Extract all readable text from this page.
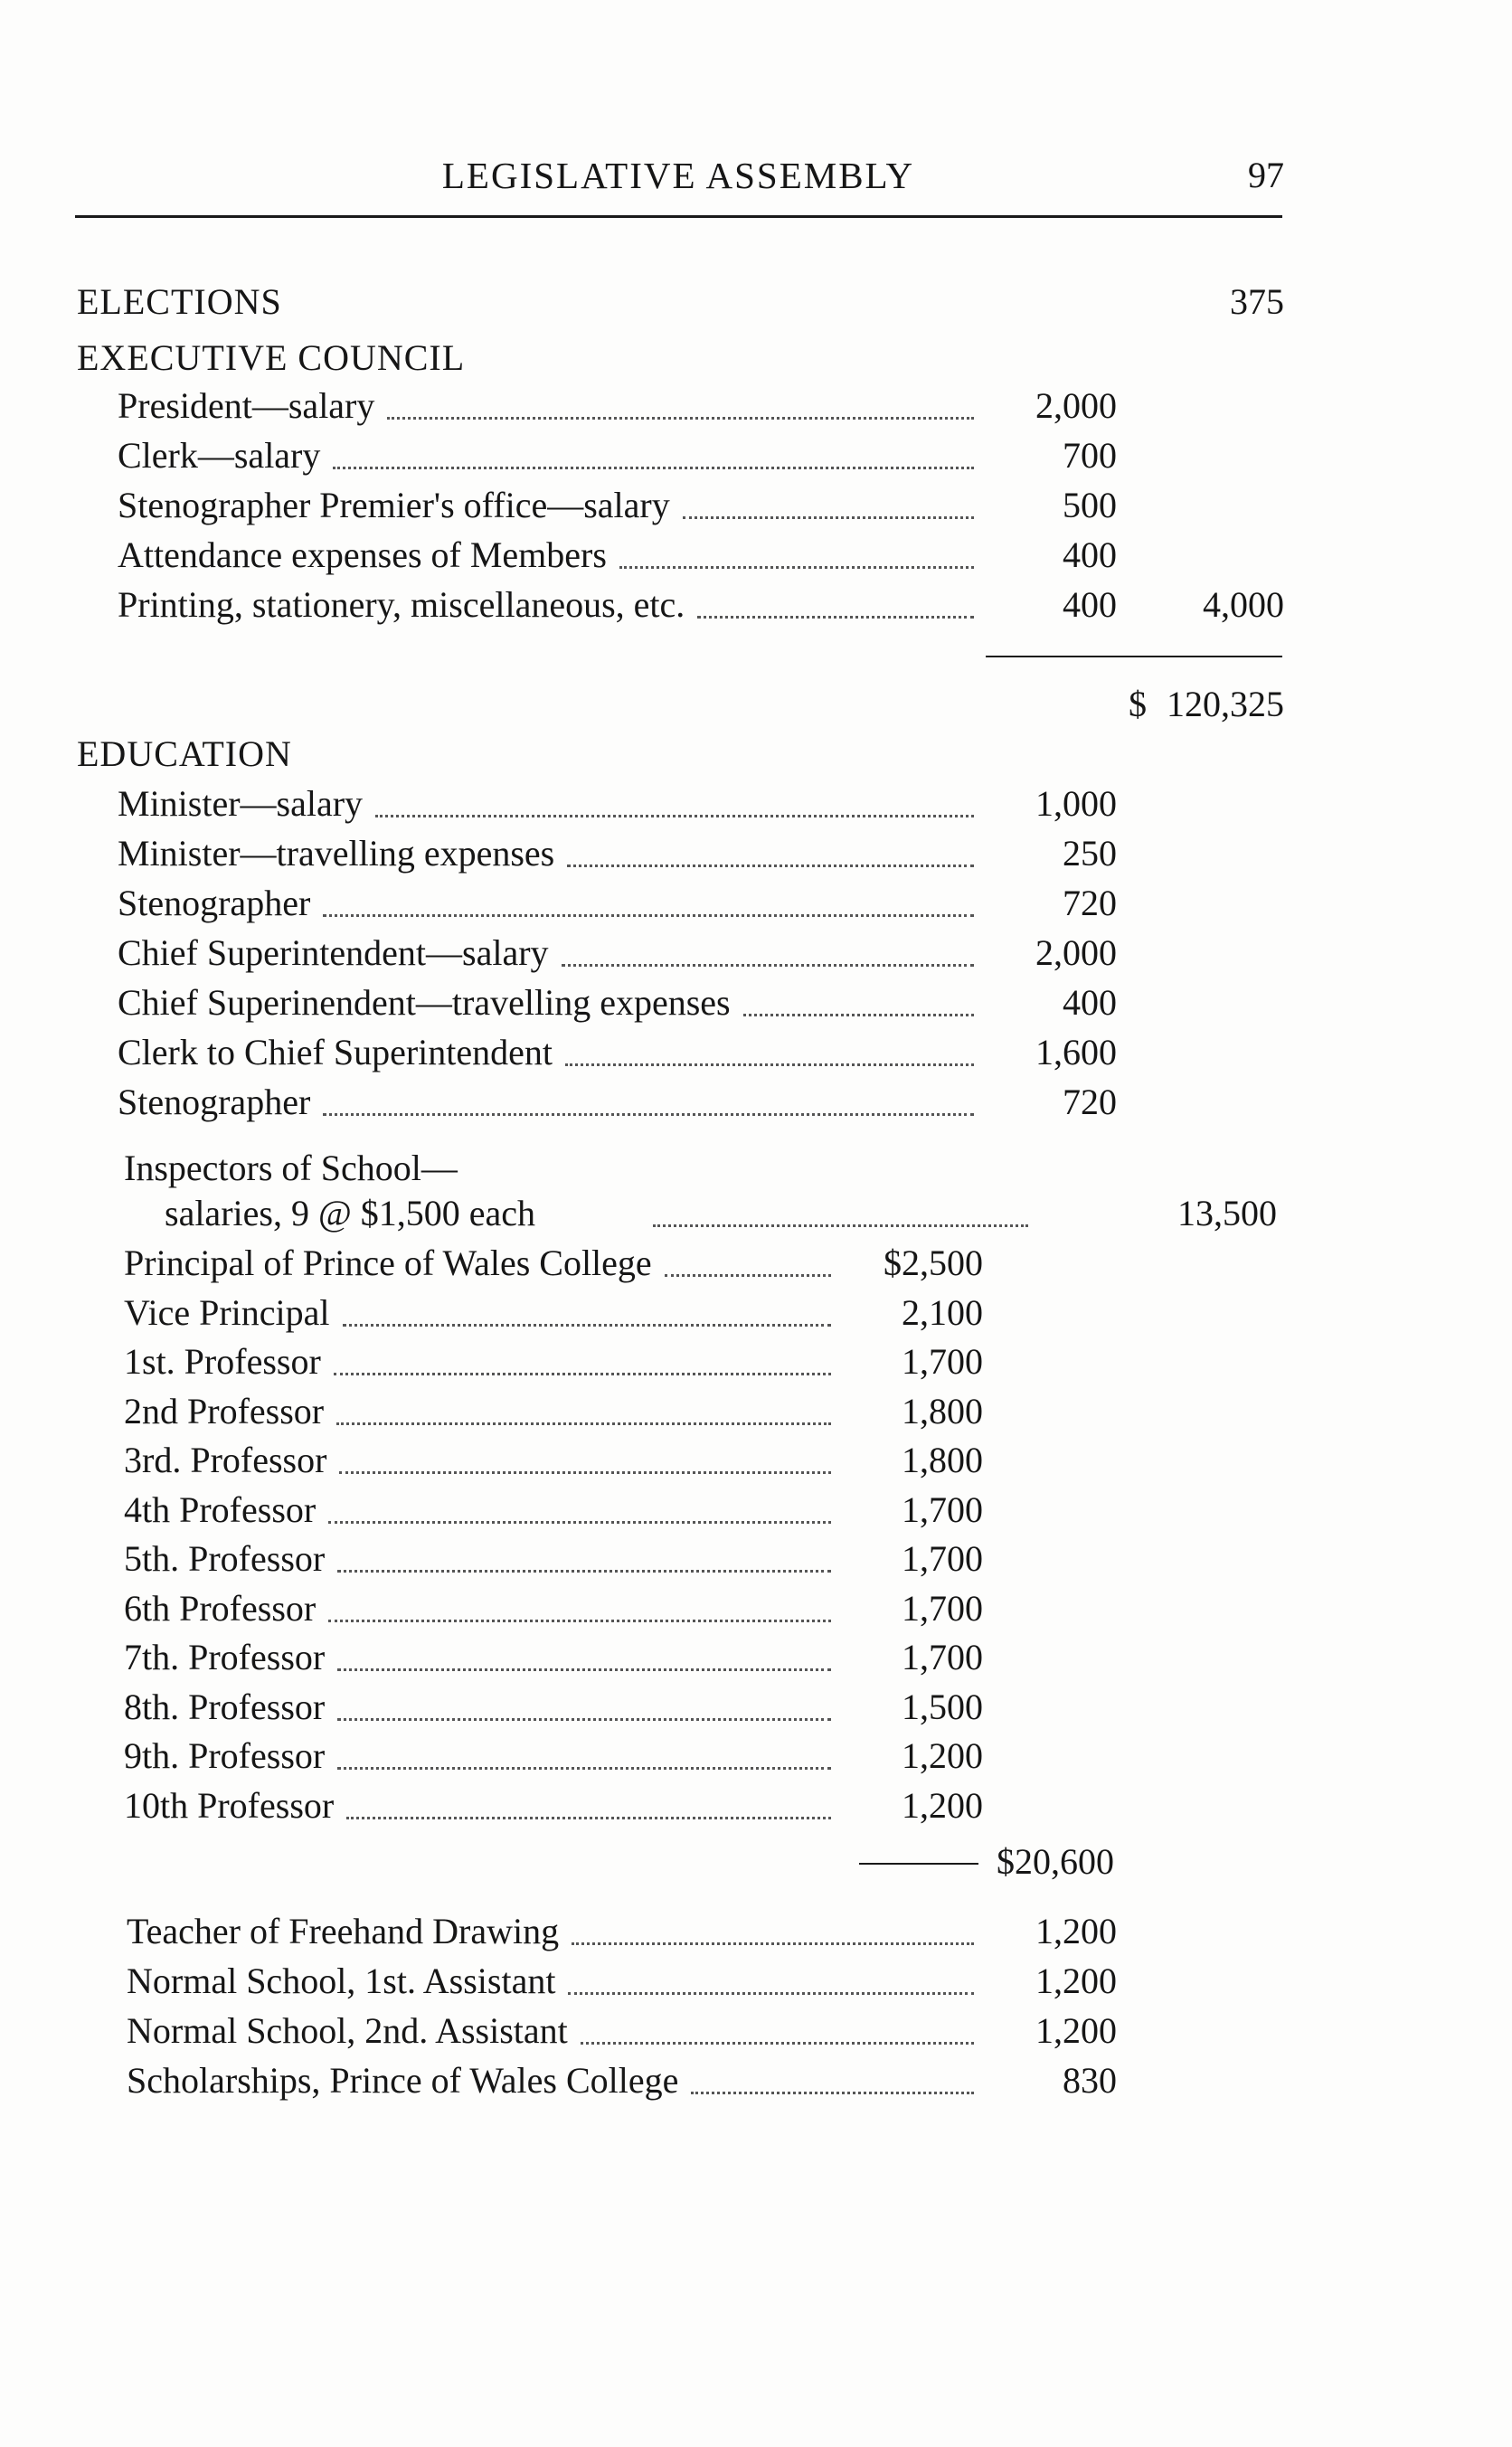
LEGISLATIVE ASSEMBLY	97
ELECTIONS	375
EXECUTIVE COUNCIL
President—salary	2,000
Clerk—salary	700
Stenographer Premier's office—salary	500
Attendance expenses of Members	400
Printing, stationery, miscellaneous, etc.	400	4,000
$ 120,325
EDUCATION
Minister—salary	1,000
Minister—travelling expenses	250
Stenographer	720
Chief Superintendent—salary	2,000
Chief Superinendent—travelling expenses	400
Clerk to Chief Superintendent	1,600
Stenographer	720
Inspectors of School—
salaries, 9 @ $1,500 each	13,500
Principal of Prince of Wales College	$2,500
Vice Principal	2,100
1st. Professor	1,700
2nd Professor	1,800
3rd. Professor	1,800
4th Professor	1,700
5th. Professor	1,700
6th Professor	1,700
7th. Professor	1,700
8th. Professor	1,500
9th. Professor	1,200
10th Professor	1,200
$20,600
Teacher of Freehand Drawing	1,200
Normal School, 1st. Assistant	1,200
Normal School, 2nd. Assistant	1,200
Scholarships, Prince of Wales College	830
